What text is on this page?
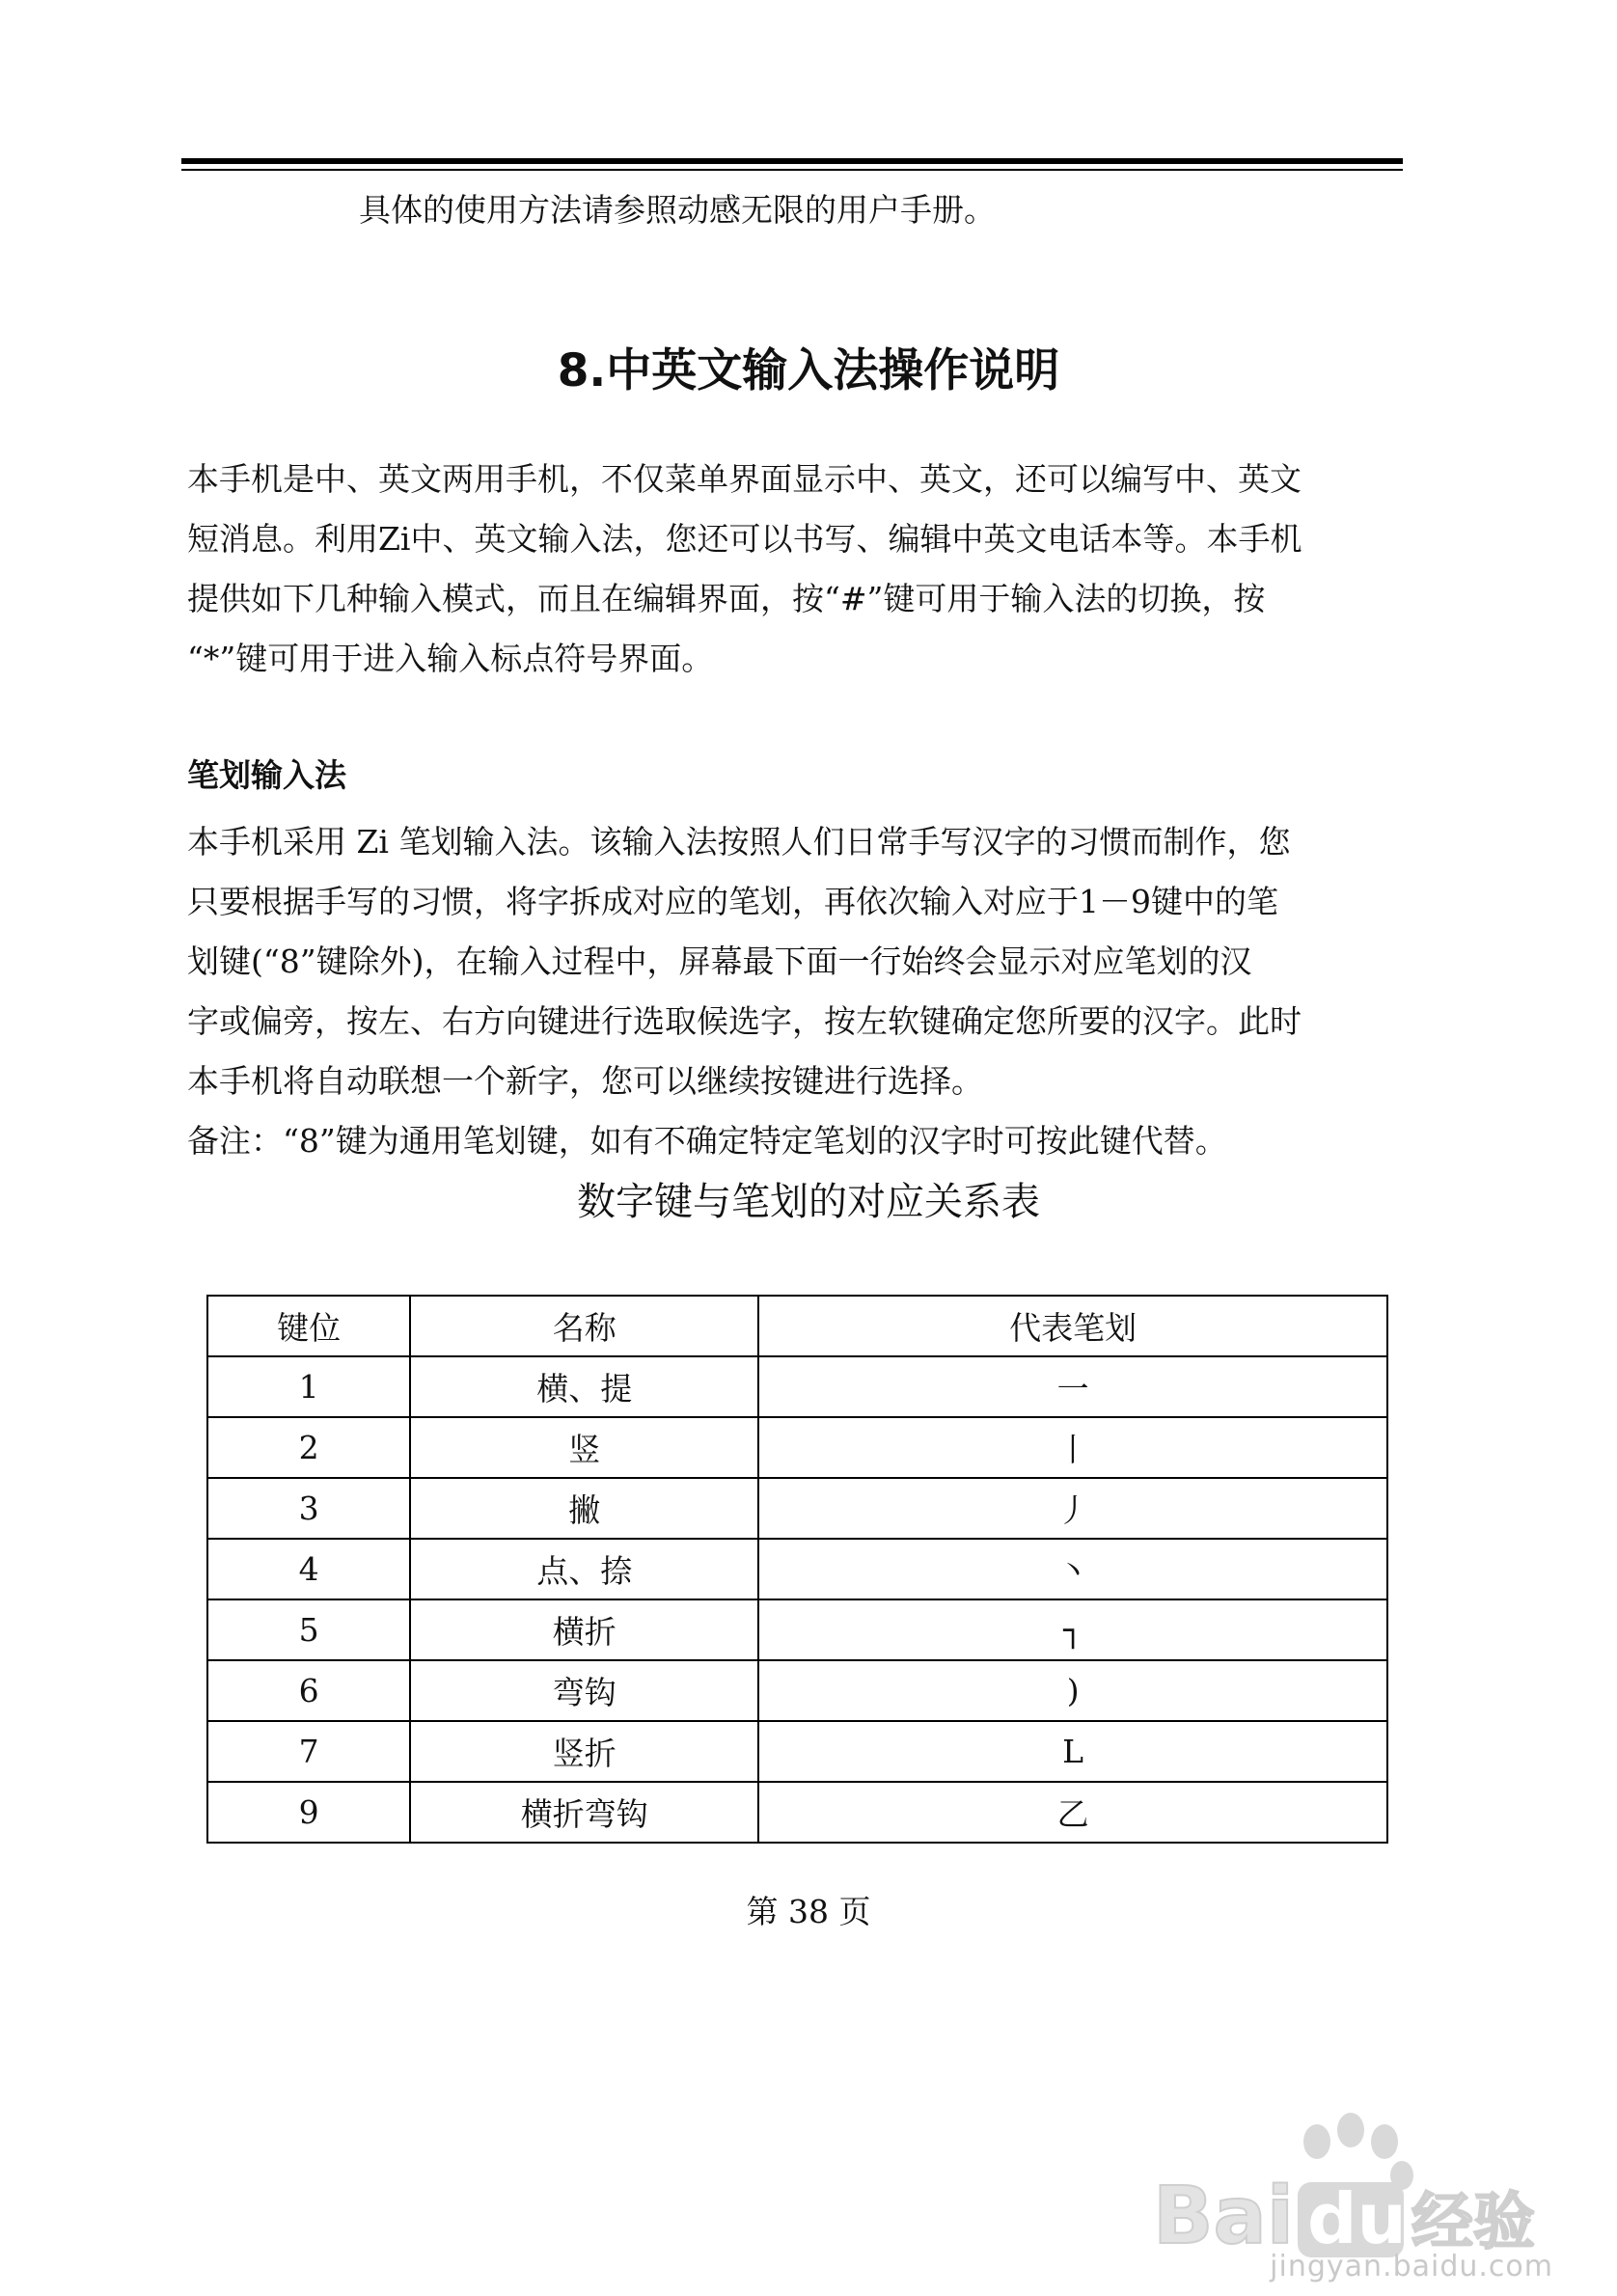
具体的使用方法请参照动感无限的用户手册。
8.中英文输入法操作说明
本手机是中、英文两用手机，不仅菜单界面显示中、英文，还可以编写中、英文
短消息。利用Zi中、英文输入法，您还可以书写、编辑中英文电话本等。本手机
提供如下几种输入模式，而且在编辑界面，按“#”键可用于输入法的切换，按
“*”键可用于进入输入标点符号界面。
笔划输入法
本手机采用 Zi 笔划输入法。该输入法按照人们日常手写汉字的习惯而制作，您
只要根据手写的习惯，将字拆成对应的笔划，再依次输入对应于1－9键中的笔
划键(“8”键除外)，在输入过程中，屏幕最下面一行始终会显示对应笔划的汉
字或偏旁，按左、右方向键进行选取候选字，按左软键确定您所要的汉字。此时
本手机将自动联想一个新字，您可以继续按键进行选择。
备注：“8”键为通用笔划键，如有不确定特定笔划的汉字时可按此键代替。
数字键与笔划的对应关系表
键位	名称	代表笔划
1	横、提	一
2	竖	丨
3	撇	丿
4	点、捺	丶
5	横折	┐
6	弯钩	)
7	竖折	L
9	横折弯钩	乙
第 38 页
Bai du 经验
jingyan.baidu.com
